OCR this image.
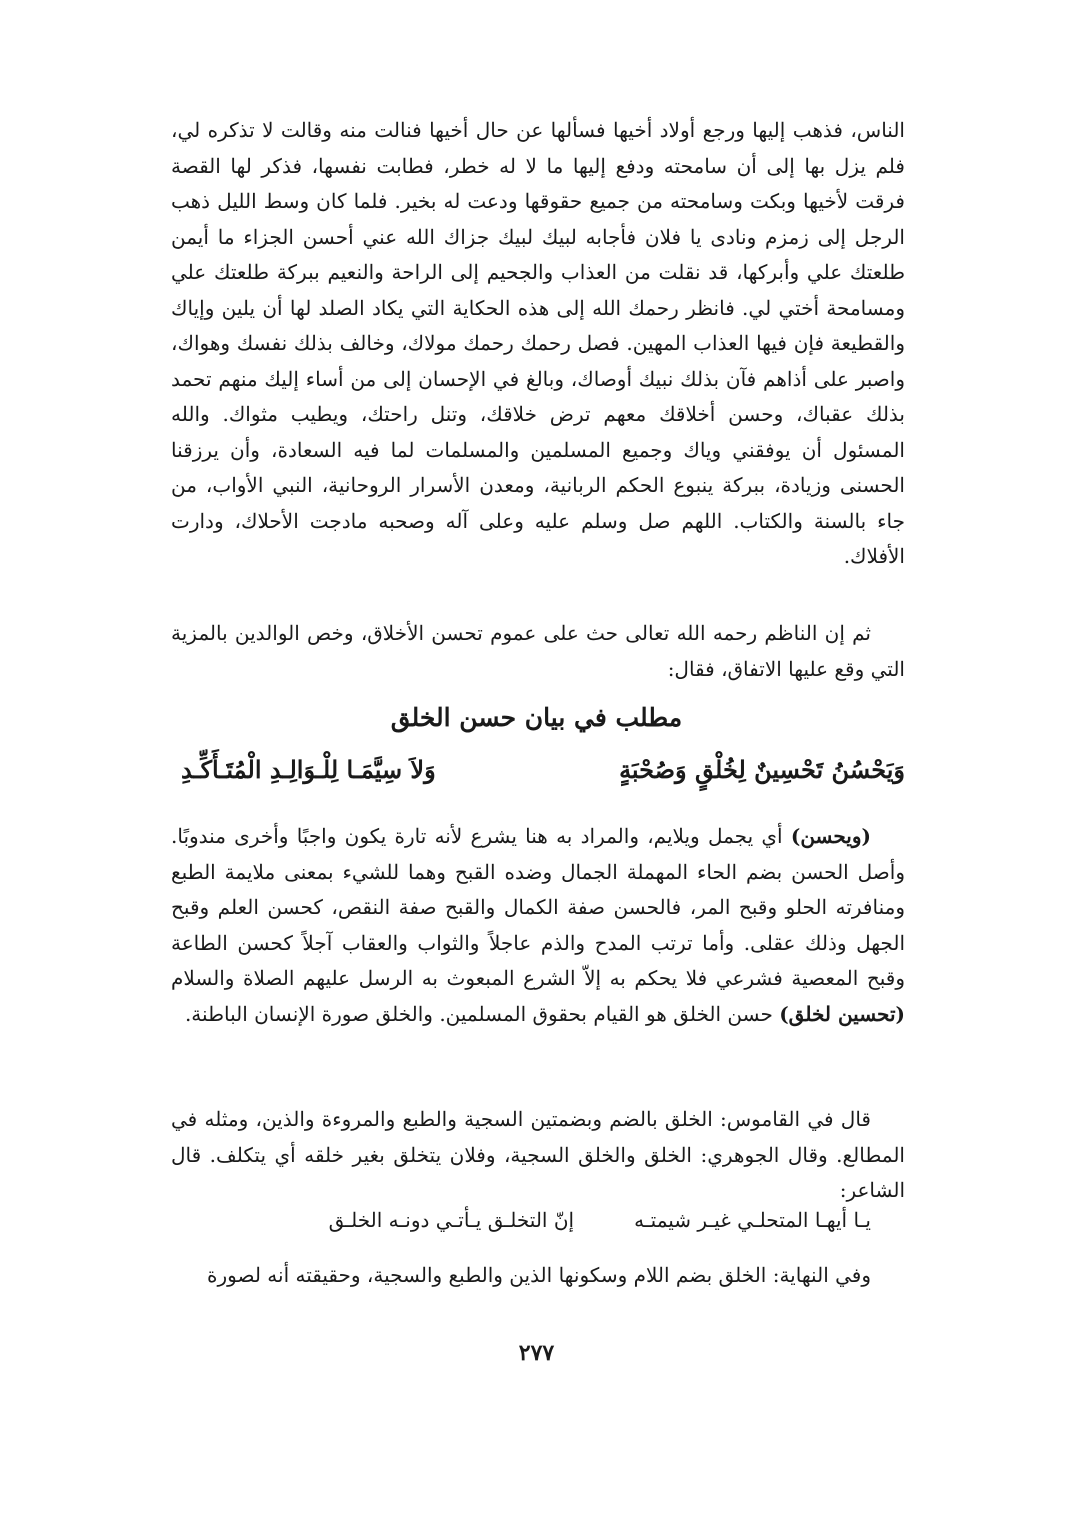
الناس، فذهب إليها ورجع أولاد أخيها فسألها عن حال أخيها فنالت منه وقالت لا تذكره لي، فلم يزل بها إلى أن سامحته ودفع إليها ما لا له خطر، فطابت نفسها، فذكر لها القصة فرقت لأخيها وبكت وسامحته من جميع حقوقها ودعت له بخير. فلما كان وسط الليل ذهب الرجل إلى زمزم ونادى يا فلان فأجابه لبيك لبيك جزاك الله عني أحسن الجزاء ما أيمن طلعتك علي وأبركها، قد نقلت من العذاب والجحيم إلى الراحة والنعيم ببركة طلعتك علي ومسامحة أختي لي. فانظر رحمك الله إلى هذه الحكاية التي يكاد الصلد لها أن يلين وإياك والقطيعة فإن فيها العذاب المهين. فصل رحمك رحمك مولاك، وخالف بذلك نفسك وهواك، واصبر على أذاهم فآن بذلك نبيك أوصاك، وبالغ في الإحسان إلى من أساء إليك منهم تحمد بذلك عقباك، وحسن أخلاقك معهم ترض خلاقك، وتنل راحتك، ويطيب مثواك. والله المسئول أن يوفقني وياك وجميع المسلمين والمسلمات لما فيه السعادة، وأن يرزقنا الحسنى وزيادة، ببركة ينبوع الحكم الربانية، ومعدن الأسرار الروحانية، النبي الأواب، من جاء بالسنة والكتاب. اللهم صل وسلم عليه وعلى آله وصحبه مادجت الأحلاك، ودارت الأفلاك.

ثم إن الناظم رحمه الله تعالى حث على عموم تحسن الأخلاق، وخص الوالدين بالمزية التي وقع عليها الاتفاق، فقال:

مطلب في بيان حسن الخلق
وَيَحْسُنُ تَحْسِينٌ لِخُلْقٍ وَصُحْبَةٍ
وَلاَ سِيَّمَـا لِلْـوَالِـدِ الْمُتَـأَكِّـدِ

(ويحسن) أي يجمل ويلايم، والمراد به هنا يشرع لأنه تارة يكون واجبًا وأخرى مندوبًا. وأصل الحسن بضم الحاء المهملة الجمال وضده القبح وهما للشيء بمعنى ملايمة الطبع ومنافرته الحلو وقبح المر، فالحسن صفة الكمال والقبح صفة النقص، كحسن العلم وقبح الجهل وذلك عقلى. وأما ترتب المدح والذم عاجلاً والثواب والعقاب آجلاً كحسن الطاعة وقبح المعصية فشرعي فلا يحكم به إلاّ الشرع المبعوث به الرسل عليهم الصلاة والسلام (تحسين لخلق) حسن الخلق هو القيام بحقوق المسلمين. والخلق صورة الإنسان الباطنة.

قال في القاموس: الخلق بالضم وبضمتين السجية والطبع والمروءة والذين، ومثله في المطالع. وقال الجوهري: الخلق والخلق السجية، وفلان يتخلق بغير خلقه أي يتكلف. قال الشاعر:

يـا أيهـا المتحلـي غيـر شيمتـه
إنّ التخلـق يـأتـي دونـه الخلـق

وفي النهاية: الخلق بضم اللام وسكونها الذين والطبع والسجية، وحقيقته أنه لصورة

٢٧٧
